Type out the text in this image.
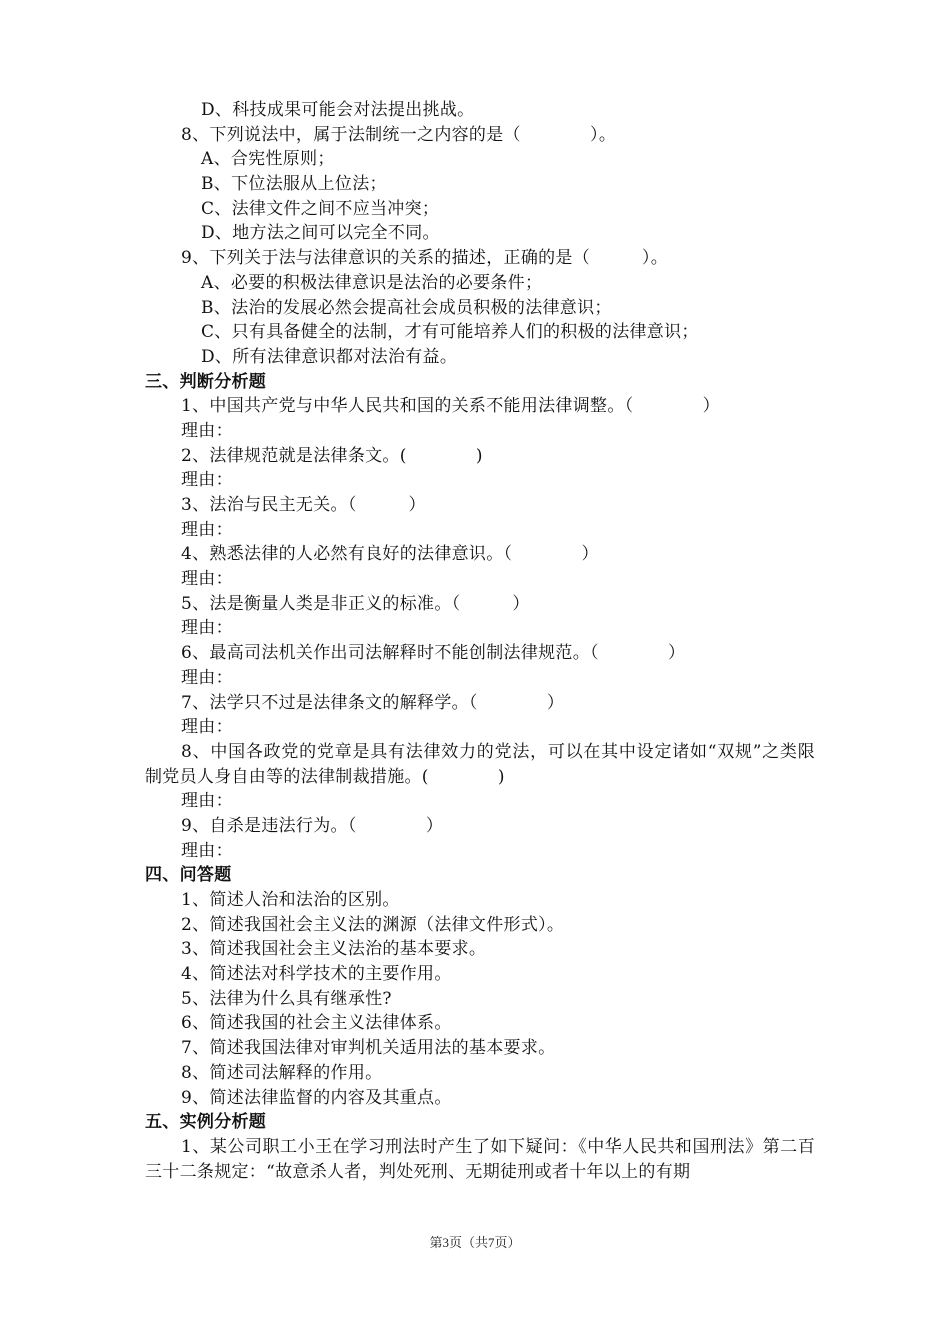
D、科技成果可能会对法提出挑战。
8、下列说法中，属于法制统一之内容的是（　　　　）。
A、合宪性原则；
B、下位法服从上位法；
C、法律文件之间不应当冲突；
D、地方法之间可以完全不同。
9、下列关于法与法律意识的关系的描述，正确的是（　　　）。
A、必要的积极法律意识是法治的必要条件；
B、法治的发展必然会提高社会成员积极的法律意识；
C、只有具备健全的法制，才有可能培养人们的积极的法律意识；
D、所有法律意识都对法治有益。
三、判断分析题
1、中国共产党与中华人民共和国的关系不能用法律调整。（　　　　）
理由：
2、法律规范就是法律条文。(　　　　)
理由：
3、法治与民主无关。（　　　）
理由：
4、熟悉法律的人必然有良好的法律意识。（　　　　）
理由：
5、法是衡量人类是非正义的标准。（　　　）
理由：
6、最高司法机关作出司法解释时不能创制法律规范。（　　　　）
理由：
7、法学只不过是法律条文的解释学。（　　　　）
理由：
8、中国各政党的党章是具有法律效力的党法，可以在其中设定诸如“双规”之类限制党员人身自由等的法律制裁措施。(　　　　)
理由：
9、自杀是违法行为。（　　　　）
理由：
四、问答题
1、简述人治和法治的区别。
2、简述我国社会主义法的渊源（法律文件形式）。
3、简述我国社会主义法治的基本要求。
4、简述法对科学技术的主要作用。
5、法律为什么具有继承性?
6、简述我国的社会主义法律体系。
7、简述我国法律对审判机关适用法的基本要求。
8、简述司法解释的作用。
9、简述法律监督的内容及其重点。
五、实例分析题
1、某公司职工小王在学习刑法时产生了如下疑问：《中华人民共和国刑法》第二百三十二条规定：“故意杀人者，判处死刑、无期徒刑或者十年以上的有期
第3页（共7页）
